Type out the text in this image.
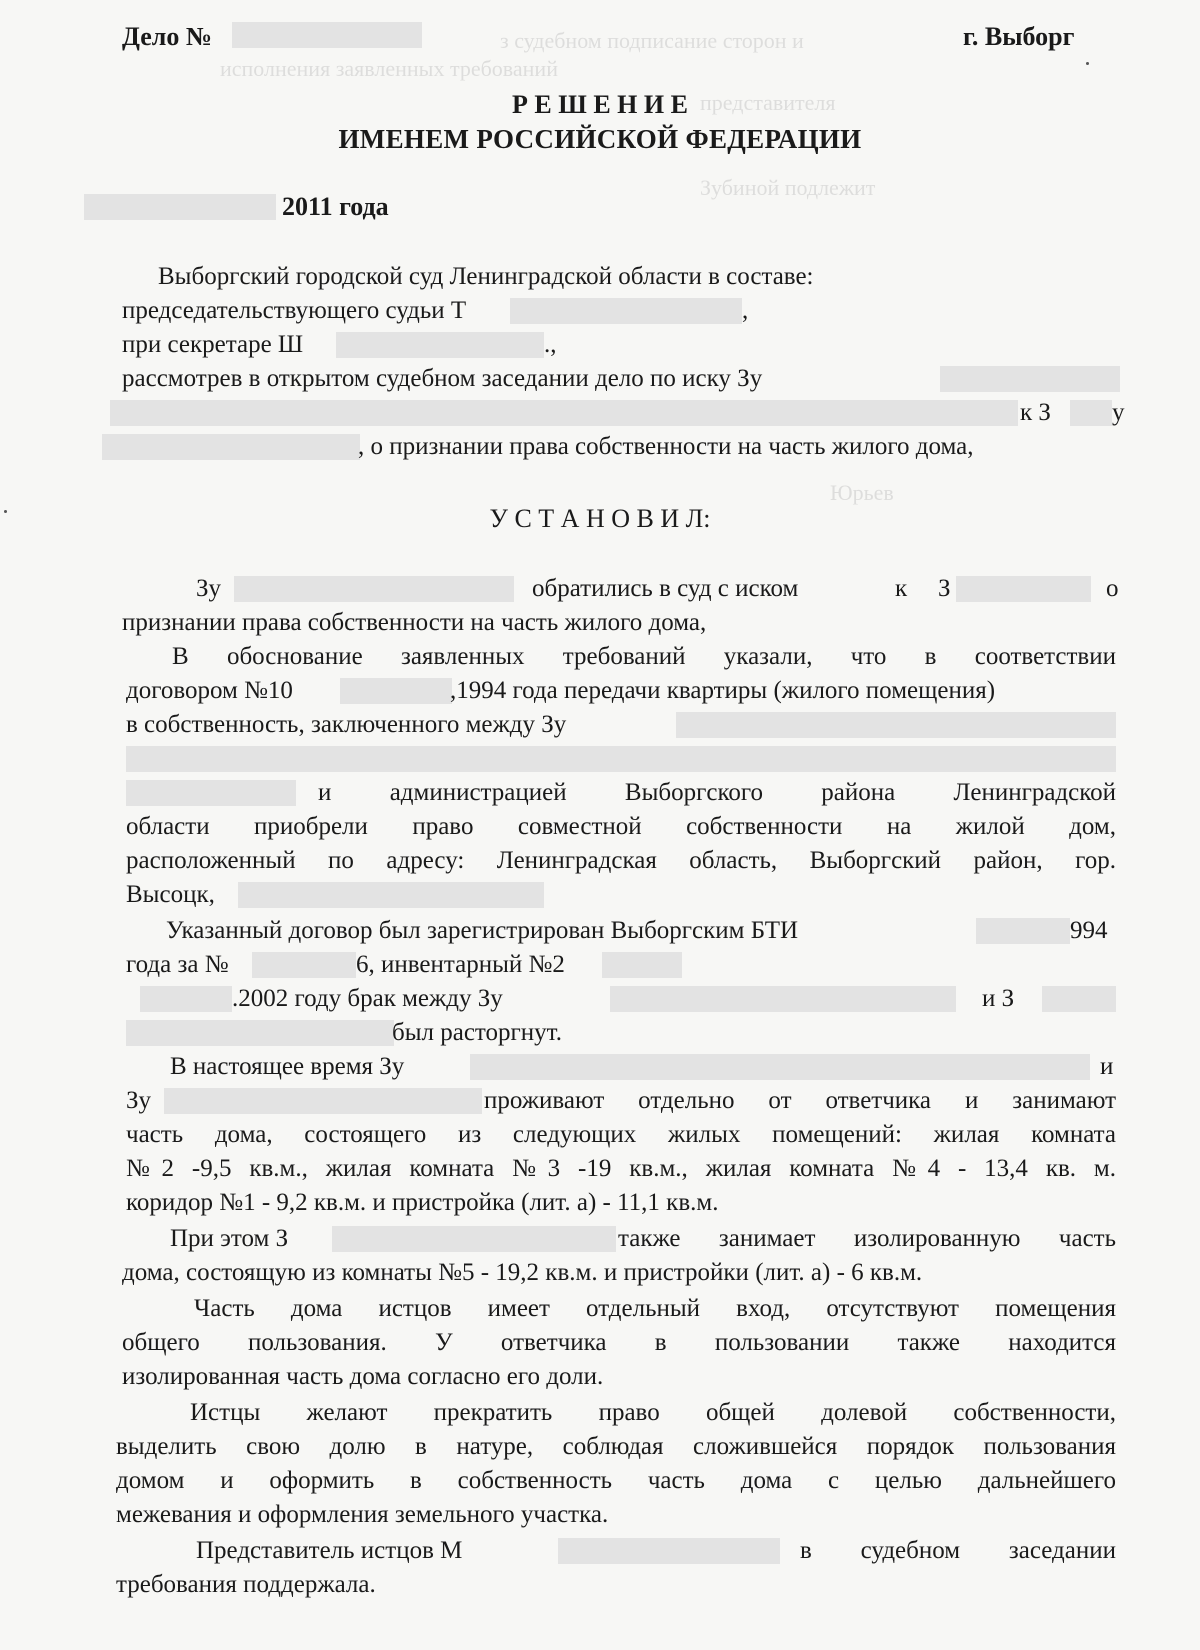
з судебном подписание сторон и
исполнения заявленных требований
представителя
Зубиной подлежит
Юрьев
Дело №	г. Выборг
Р Е Ш Е Н И Е
ИМЕНЕМ РОССИЙСКОЙ ФЕДЕРАЦИИ
2011 года
Выборгский городской суд Ленинградской области в составе:
председательствующего судьи Т	,
при секретаре Ш	.,
рассмотрев в открытом судебном заседании дело по иску Зу
к З у
, о признании права собственности на часть жилого дома,
У С Т А Н О В И Л:
Зу	обратились в суд с иском	к З	о
признании права собственности на часть жилого дома,
В обоснование заявленных требований указали, что в соответствии
договором №10	,1994 года передачи квартиры (жилого помещения)
в собственность, заключенного между Зу
и администрацией Выборгского района Ленинградской
области приобрели право совместной собственности на жилой дом,
расположенный по адресу: Ленинградская область, Выборгский район, гор.
Высоцк,
Указанный договор был зарегистрирован Выборгским БТИ	994
года за №	6, инвентарный №2
.2002 году брак между Зу	и З
был расторгнут.
В настоящее время Зу	и
Зу	проживают отдельно от ответчика и занимают
часть дома, состоящего из следующих жилых помещений: жилая комната
№2 -9,5 кв.м., жилая комната №3 -19 кв.м., жилая комната №4 - 13,4 кв. м.
коридор №1 - 9,2 кв.м. и пристройка (лит. а) - 11,1 кв.м.
При этом З	также занимает изолированную часть
дома, состоящую из комнаты №5 - 19,2 кв.м. и пристройки (лит. а) - 6 кв.м.
Часть дома истцов имеет отдельный вход, отсутствуют помещения
общего пользования. У ответчика в пользовании также находится
изолированная часть дома согласно его доли.
Истцы желают прекратить право общей долевой собственности,
выделить свою долю в натуре, соблюдая сложившейся порядок пользования
домом и оформить в собственность часть дома с целью дальнейшего
межевания и оформления земельного участка.
Представитель истцов М	в судебном заседании
требования поддержала.
